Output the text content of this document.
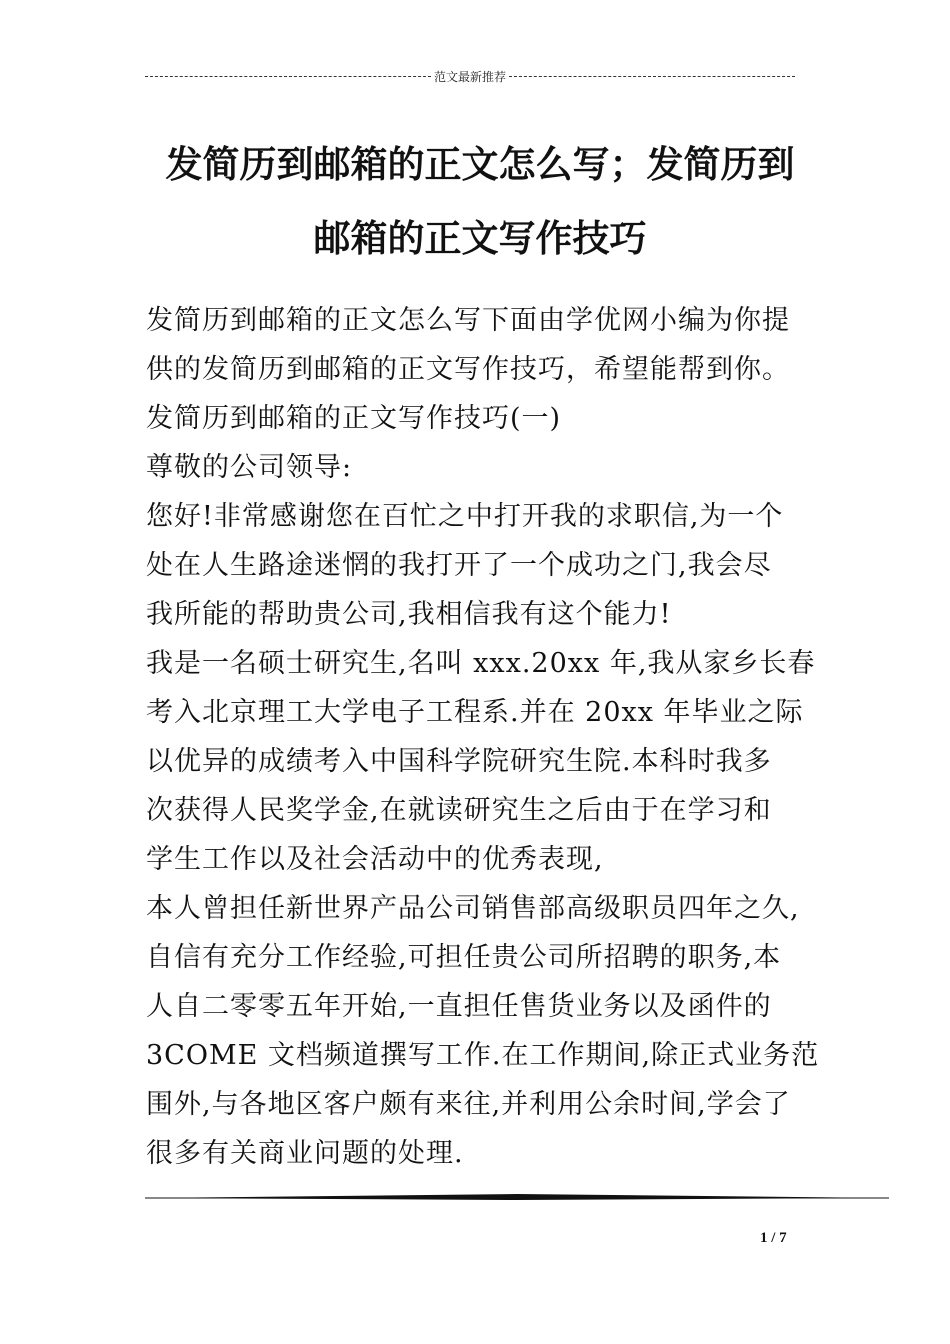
范文最新推荐
发简历到邮箱的正文怎么写；发简历到
邮箱的正文写作技巧

发简历到邮箱的正文怎么写下面由学优网小编为你提

供的发简历到邮箱的正文写作技巧，希望能帮到你。

发简历到邮箱的正文写作技巧(一)

尊敬的公司领导:

您好!非常感谢您在百忙之中打开我的求职信,为一个

处在人生路途迷惘的我打开了一个成功之门,我会尽

我所能的帮助贵公司,我相信我有这个能力!

我是一名硕士研究生,名叫 xxx.20xx 年,我从家乡长春

考入北京理工大学电子工程系.并在 20xx 年毕业之际

以优异的成绩考入中国科学院研究生院.本科时我多

次获得人民奖学金,在就读研究生之后由于在学习和

学生工作以及社会活动中的优秀表现,

本人曾担任新世界产品公司销售部高级职员四年之久,

自信有充分工作经验,可担任贵公司所招聘的职务,本

人自二零零五年开始,一直担任售货业务以及函件的

3COME 文档频道撰写工作.在工作期间,除正式业务范

围外,与各地区客户颇有来往,并利用公余时间,学会了

很多有关商业问题的处理.

1 / 7
